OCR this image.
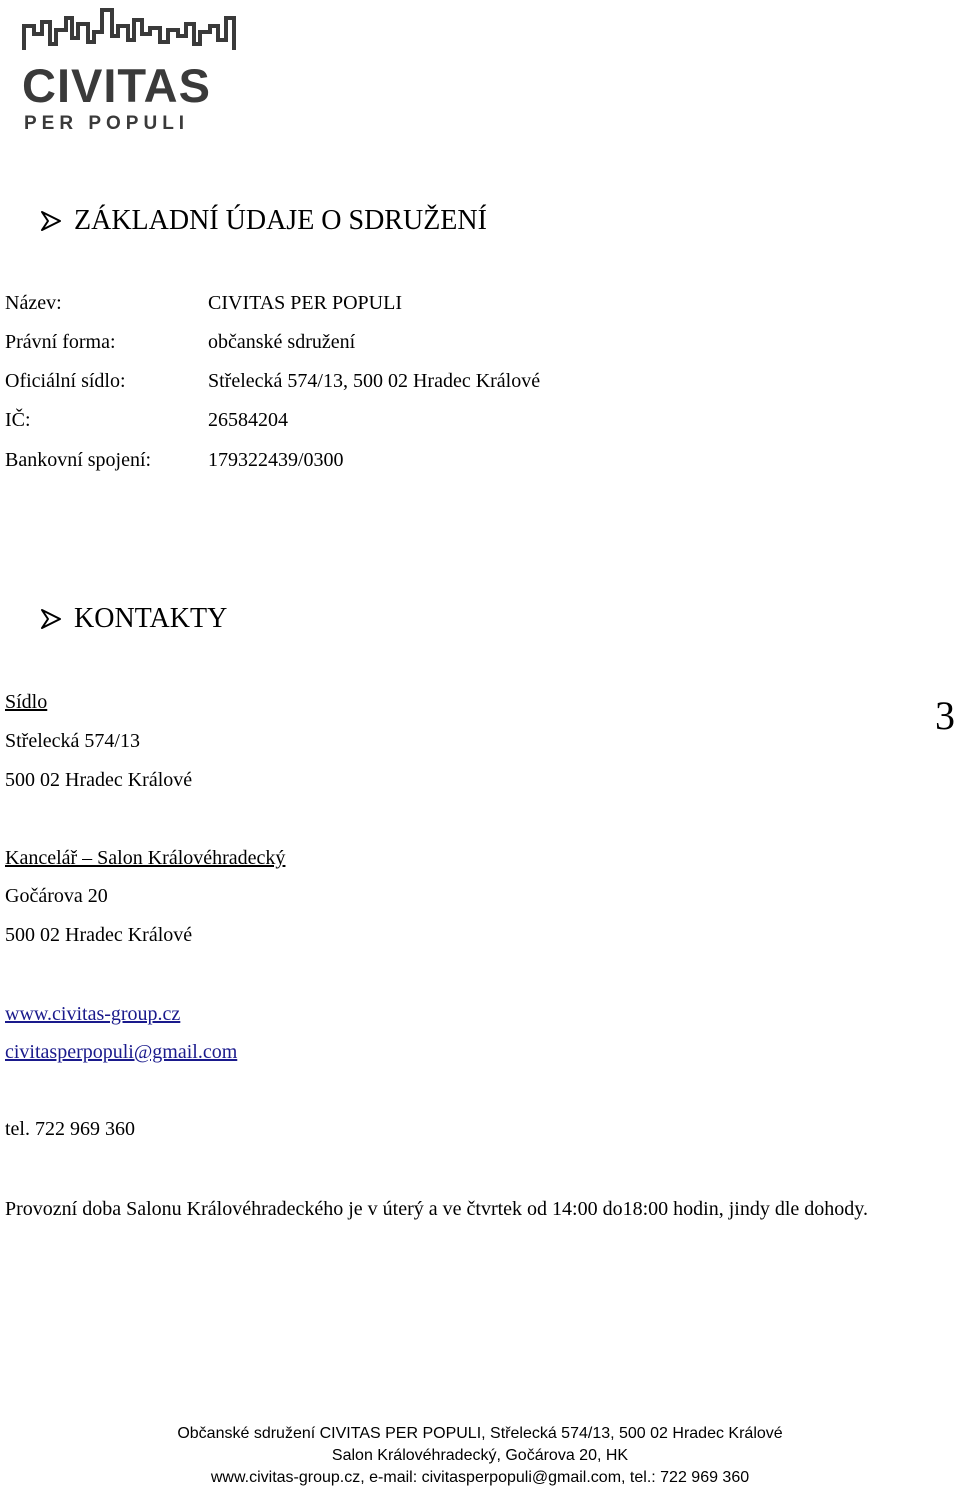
CIVITAS
PER POPULI
ZÁKLADNÍ ÚDAJE O SDRUŽENÍ
Název:	CIVITAS PER POPULI
Právní forma:	občanské sdružení
Oficiální sídlo:	Střelecká 574/13, 500 02 Hradec Králové
IČ:	26584204
Bankovní spojení:	179322439/0300
KONTAKTY
Sídlo
Střelecká 574/13
500 02 Hradec Králové
3
Kancelář – Salon Královéhradecký
Gočárova 20
500 02 Hradec Králové
www.civitas-group.cz
civitasperpopuli@gmail.com
tel. 722 969 360
Provozní doba Salonu Královéhradeckého je v úterý a ve čtvrtek od 14:00 do18:00 hodin, jindy dle dohody.
Občanské sdružení CIVITAS PER POPULI, Střelecká 574/13, 500 02 Hradec Králové
Salon Královéhradecký, Gočárova 20, HK
www.civitas-group.cz, e-mail: civitasperpopuli@gmail.com, tel.: 722 969 360
